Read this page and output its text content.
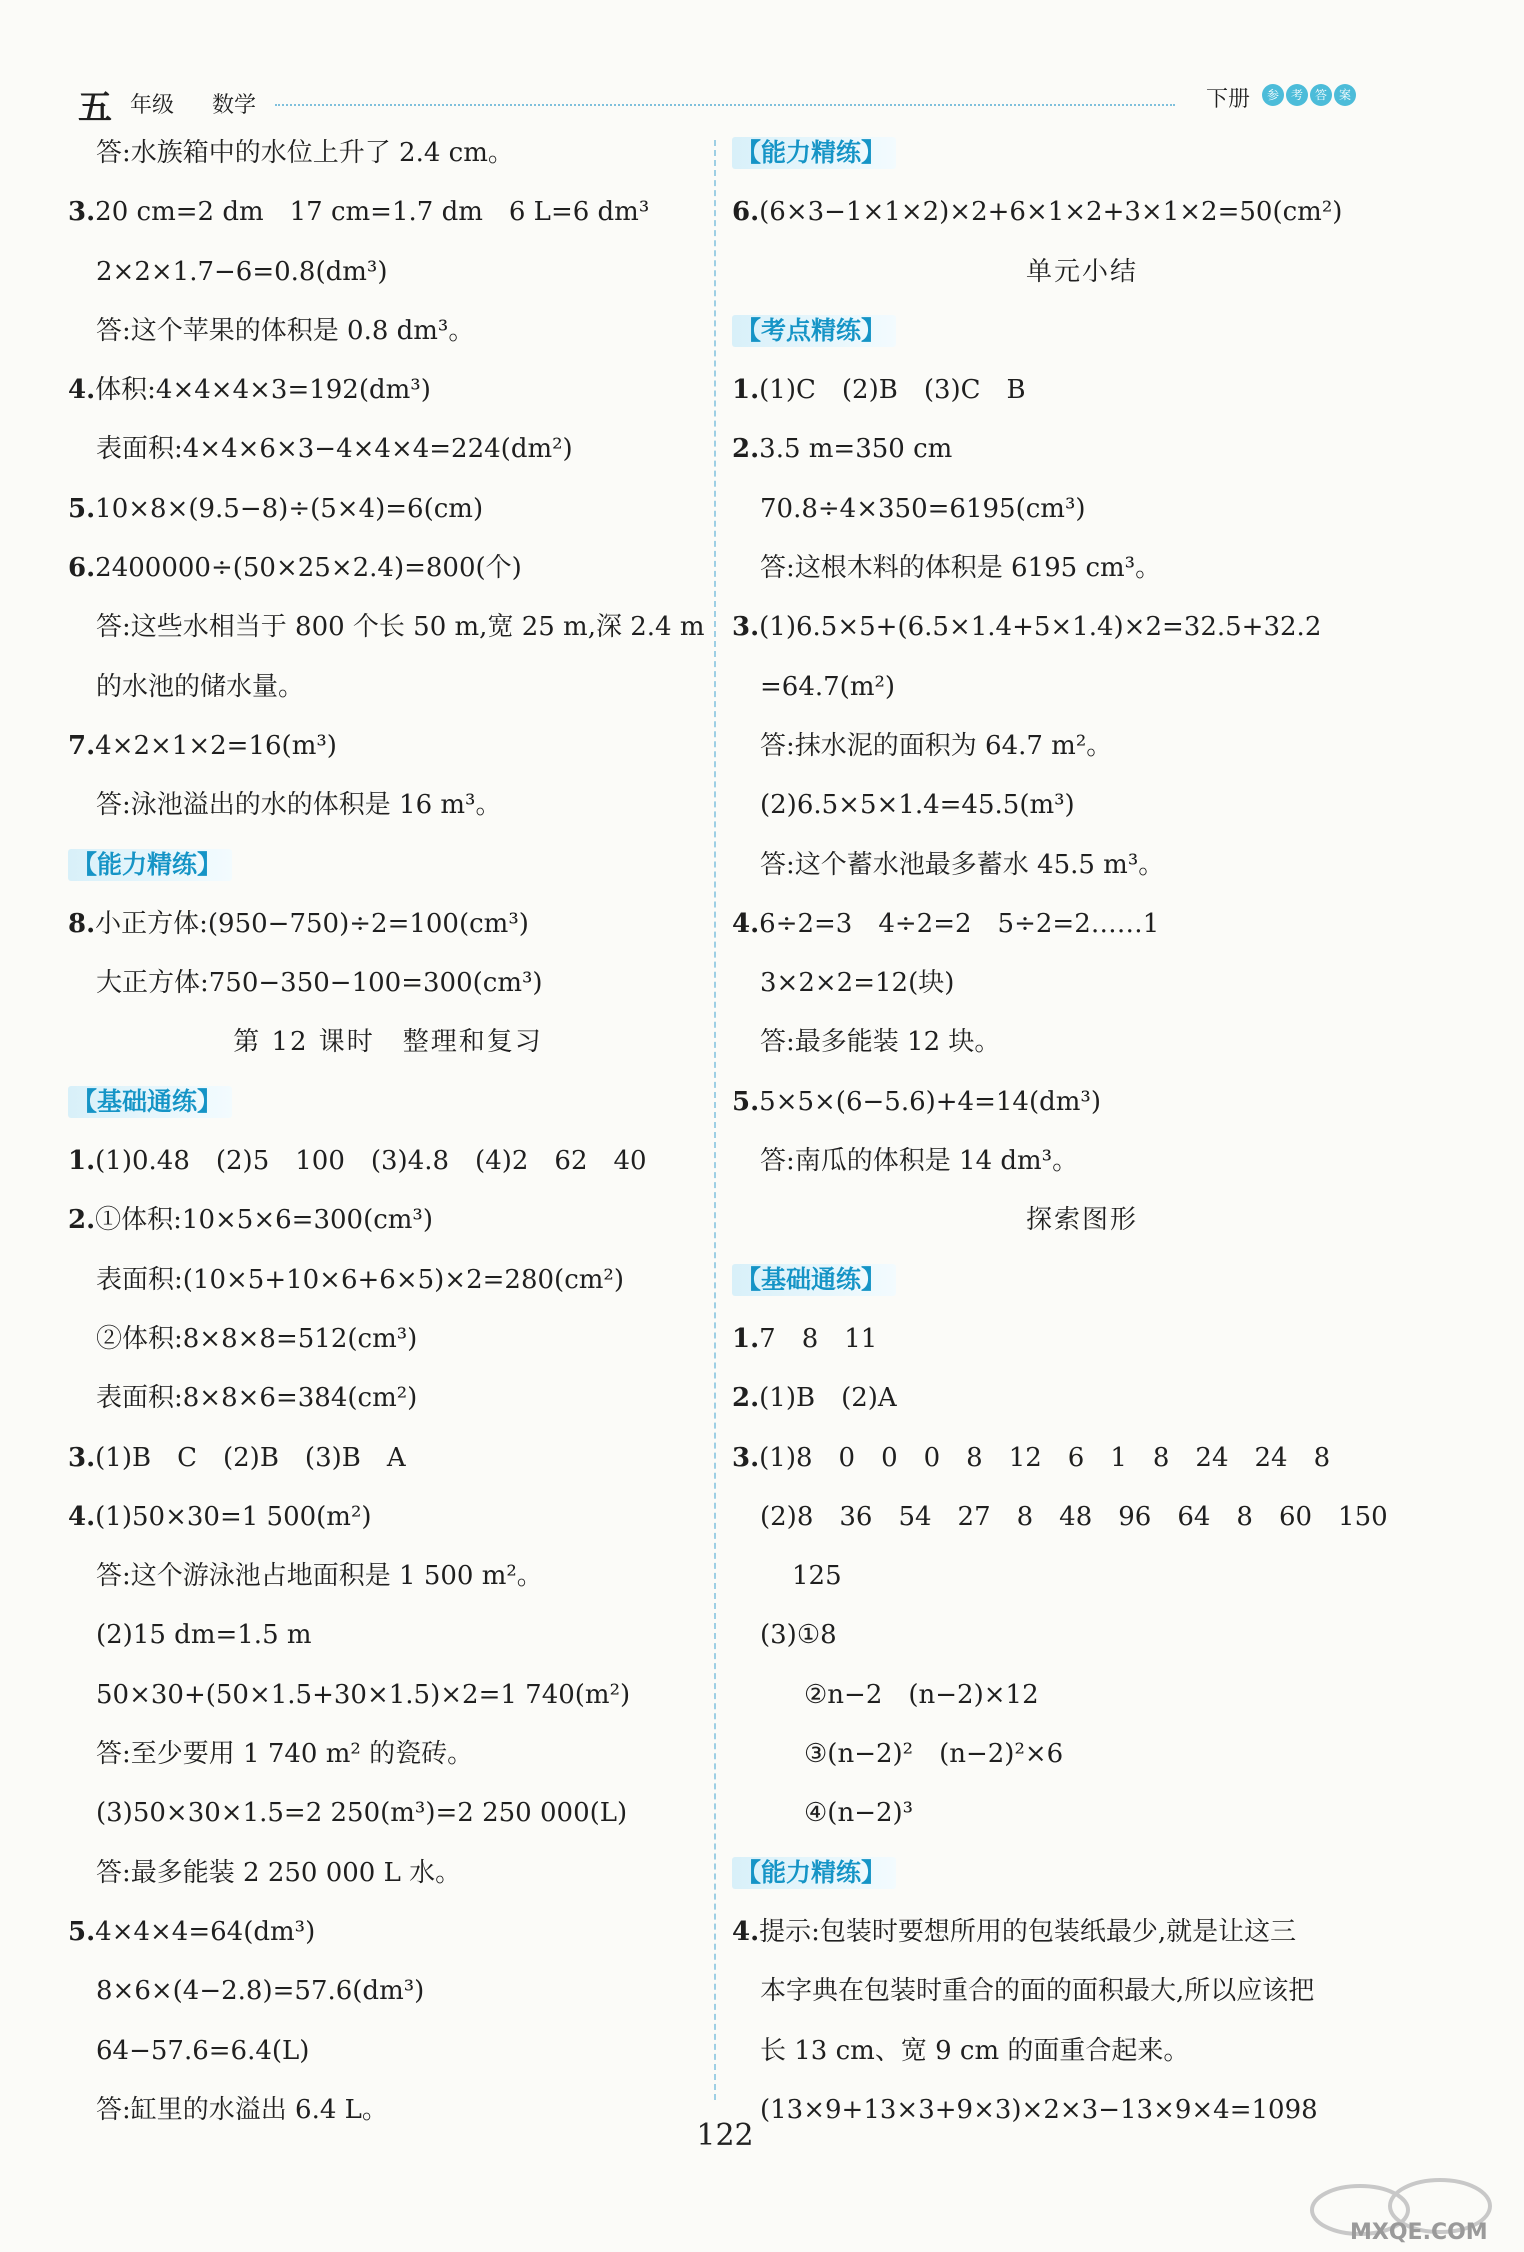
五 年级 数学	下册	参 考 答 案
答:水族箱中的水位上升了 2.4 cm。
3.20 cm=2 dm　17 cm=1.7 dm　6 L=6 dm³
2×2×1.7−6=0.8(dm³)
答:这个苹果的体积是 0.8 dm³。
4.体积:4×4×4×3=192(dm³)
表面积:4×4×6×3−4×4×4=224(dm²)
5.10×8×(9.5−8)÷(5×4)=6(cm)
6.2400000÷(50×25×2.4)=800(个)
答:这些水相当于 800 个长 50 m,宽 25 m,深 2.4 m
的水池的储水量。
7.4×2×1×2=16(m³)
答:泳池溢出的水的体积是 16 m³。
【能力精练】
8.小正方体:(950−750)÷2=100(cm³)
大正方体:750−350−100=300(cm³)
第 12 课时　整理和复习
【基础通练】
1.(1)0.48　(2)5　100　(3)4.8　(4)2　62　40
2.①体积:10×5×6=300(cm³)
表面积:(10×5+10×6+6×5)×2=280(cm²)
②体积:8×8×8=512(cm³)
表面积:8×8×6=384(cm²)
3.(1)B　C　(2)B　(3)B　A
4.(1)50×30=1 500(m²)
答:这个游泳池占地面积是 1 500 m²。
(2)15 dm=1.5 m
50×30+(50×1.5+30×1.5)×2=1 740(m²)
答:至少要用 1 740 m² 的瓷砖。
(3)50×30×1.5=2 250(m³)=2 250 000(L)
答:最多能装 2 250 000 L 水。
5.4×4×4=64(dm³)
8×6×(4−2.8)=57.6(dm³)
64−57.6=6.4(L)
答:缸里的水溢出 6.4 L。
【能力精练】
6.(6×3−1×1×2)×2+6×1×2+3×1×2=50(cm²)
单元小结
【考点精练】
1.(1)C　(2)B　(3)C　B
2.3.5 m=350 cm
70.8÷4×350=6195(cm³)
答:这根木料的体积是 6195 cm³。
3.(1)6.5×5+(6.5×1.4+5×1.4)×2=32.5+32.2
=64.7(m²)
答:抹水泥的面积为 64.7 m²。
(2)6.5×5×1.4=45.5(m³)
答:这个蓄水池最多蓄水 45.5 m³。
4.6÷2=3　4÷2=2　5÷2=2……1
3×2×2=12(块)
答:最多能装 12 块。
5.5×5×(6−5.6)+4=14(dm³)
答:南瓜的体积是 14 dm³。
探索图形
【基础通练】
1.7　8　11
2.(1)B　(2)A
3.(1)8　0　0　0　8　12　6　1　8　24　24　8
(2)8　36　54　27　8　48　96　64　8　60　150
125
(3)①8
②n−2　(n−2)×12
③(n−2)²　(n−2)²×6
④(n−2)³
【能力精练】
4.提示:包装时要想所用的包装纸最少,就是让这三
本字典在包装时重合的面的面积最大,所以应该把
长 13 cm、宽 9 cm 的面重合起来。
(13×9+13×3+9×3)×2×3−13×9×4=1098
122
MXQE.COM
